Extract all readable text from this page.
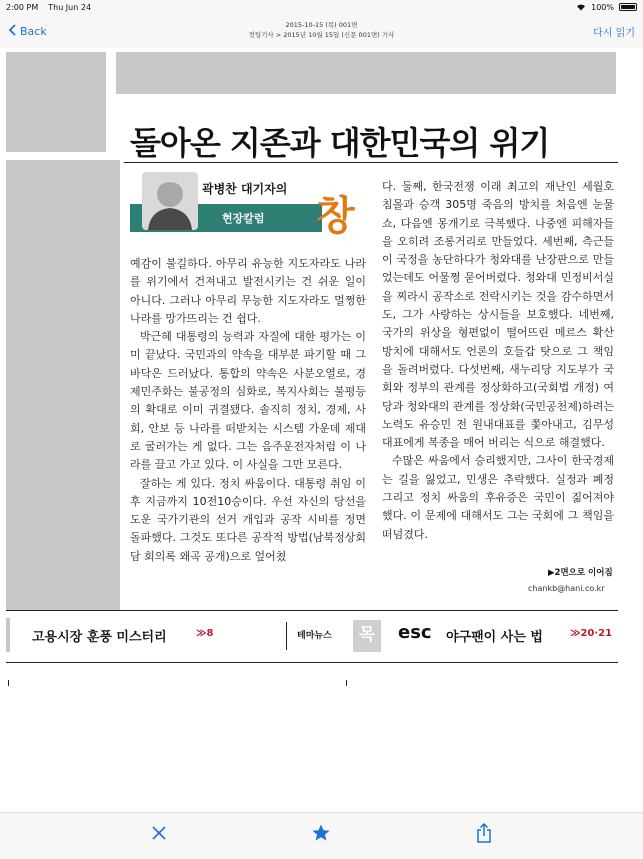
2:00 PM Thu Jun 24	100%
Back	2015-10-15 (목) 001면
컷팅기사 > 2015년 10월 15일 (신문 001면) 기사	다시 읽기
돌아온 지존과 대한민국의 위기
곽병찬 대기자의
현장칼럼 창

예감이 불길하다. 아무리 유능한 지도자라도 나라를 위기에서 건져내고 발전시키는 건 쉬운 일이 아니다. 그러나 아무리 무능한 지도자라도 멀쩡한 나라를 망가뜨리는 건 쉽다.

박근혜 대통령의 능력과 자질에 대한 평가는 이미 끝났다. 국민과의 약속을 대부분 파기할 때 그 바닥은 드러났다. 통합의 약속은 사분오열로, 경제민주화는 불공정의 심화로, 복지사회는 불평등의 확대로 이미 귀결됐다. 솔직히 정치, 경제, 사회, 안보 등 나라를 떠받치는 시스템 가운데 제대로 굴러가는 게 없다. 그는 음주운전자처럼 이 나라를 끌고 가고 있다. 이 사실을 그만 모른다.

잘하는 게 있다. 정치 싸움이다. 대통령 취임 이후 지금까지 10전10승이다. 우선 자신의 당선을 도운 국가기관의 선거 개입과 공작 시비를 정면 돌파했다. 그것도 또다른 공작적 방법(남북정상회담 회의록 왜곡 공개)으로 엎어쳤

다. 둘째, 한국전쟁 이래 최고의 재난인 세월호 침몰과 승객 305명 죽음의 방치를 처음엔 눈물 쇼, 다음엔 몽개기로 극복했다. 나중엔 피해자들을 오히려 조롱거리로 만들었다. 세번째, 측근들이 국정을 농단하다가 청와대를 난장판으로 만들었는데도 어물쩡 묻어버렸다. 청와대 민정비서실을 찌라시 공작소로 전락시키는 것을 감수하면서도, 그가 사랑하는 상시들을 보호했다. 네번째, 국가의 위상을 형편없이 떨어뜨린 메르스 확산 방치에 대해서도 언론의 호들갑 탓으로 그 책임을 돌려버렸다. 다섯번째, 새누리당 지도부가 국회와 정부의 관계를 정상화하고(국회법 개정) 여당과 청와대의 관계를 정상화(국민공천제)하려는 노력도 유승민 전 원내대표를 쫓아내고, 김무성 대표에게 복종을 매어 버리는 식으로 해결했다.

수많은 싸움에서 승리했지만, 그사이 한국경제는 길을 잃었고, 민생은 추락했다. 실정과 폐정 그리고 정치 싸움의 후유증은 국민이 짊어져야 했다. 이 문제에 대해서도 그는 국회에 그 책임을 떠넘겼다.

▶2면으로 이어짐
chankb@hani.co.kr
고용시장 훈풍 미스터리	≫8	테마뉴스	목	esc 야구팬이 사는 법	≫20·21
